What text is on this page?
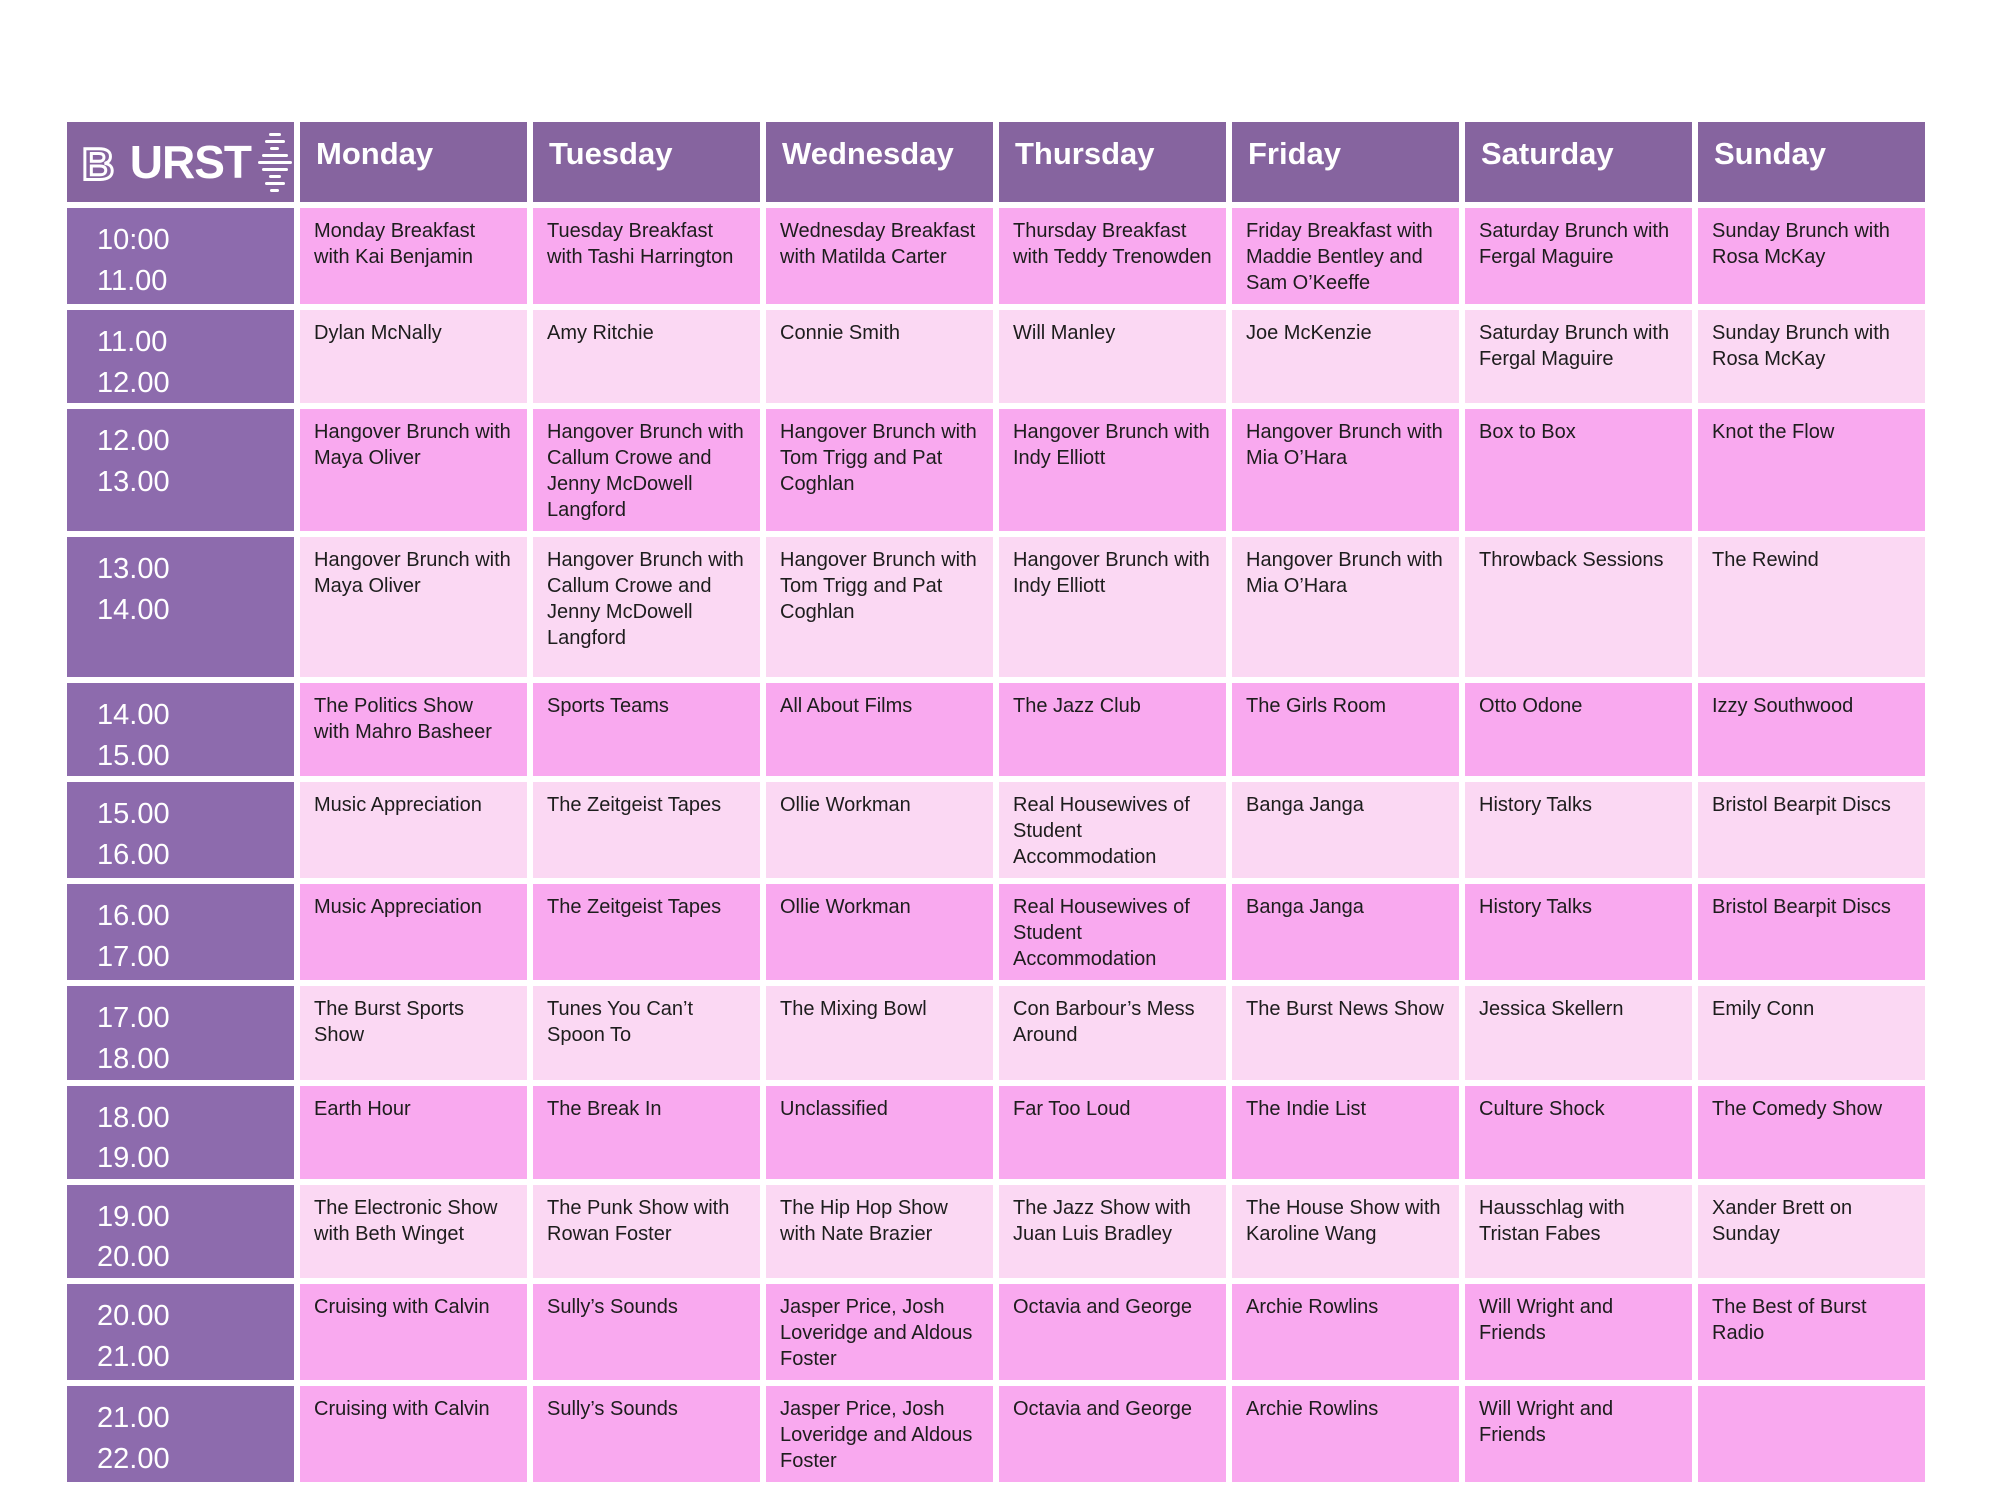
B URST	Monday	Tuesday	Wednesday	Thursday	Friday	Saturday	Sunday

10:00
11.00	Monday Breakfast with Kai Benjamin	Tuesday Breakfast with Tashi Harrington	Wednesday Breakfast with Matilda Carter	Thursday Breakfast with Teddy Trenowden	Friday Breakfast with Maddie Bentley and Sam O’Keeffe	Saturday Brunch with Fergal Maguire	Sunday Brunch with Rosa McKay

11.00
12.00	Dylan McNally	Amy Ritchie	Connie Smith	Will Manley	Joe McKenzie	Saturday Brunch with Fergal Maguire	Sunday Brunch with Rosa McKay

12.00
13.00	Hangover Brunch with Maya Oliver	Hangover Brunch with Callum Crowe and Jenny McDowell Langford	Hangover Brunch with Tom Trigg and Pat Coghlan	Hangover Brunch with Indy Elliott	Hangover Brunch with Mia O’Hara	Box to Box	Knot the Flow

13.00
14.00	Hangover Brunch with Maya Oliver	Hangover Brunch with Callum Crowe and Jenny McDowell Langford	Hangover Brunch with Tom Trigg and Pat Coghlan	Hangover Brunch with Indy Elliott	Hangover Brunch with Mia O’Hara	Throwback Sessions	The Rewind

14.00
15.00	The Politics Show with Mahro Basheer	Sports Teams	All About Films	The Jazz Club	The Girls Room	Otto Odone	Izzy Southwood

15.00
16.00	Music Appreciation	The Zeitgeist Tapes	Ollie Workman	Real Housewives of Student Accommodation	Banga Janga	History Talks	Bristol Bearpit Discs

16.00
17.00	Music Appreciation	The Zeitgeist Tapes	Ollie Workman	Real Housewives of Student Accommodation	Banga Janga	History Talks	Bristol Bearpit Discs

17.00
18.00	The Burst Sports Show	Tunes You Can’t Spoon To	The Mixing Bowl	Con Barbour’s Mess Around	The Burst News Show	Jessica Skellern	Emily Conn

18.00
19.00	Earth Hour	The Break In	Unclassified	Far Too Loud	The Indie List	Culture Shock	The Comedy Show

19.00
20.00	The Electronic Show with Beth Winget	The Punk Show with Rowan Foster	The Hip Hop Show with Nate Brazier	The Jazz Show with Juan Luis Bradley	The House Show with Karoline Wang	Hausschlag with Tristan Fabes	Xander Brett on Sunday

20.00
21.00	Cruising with Calvin	Sully’s Sounds	Jasper Price, Josh Loveridge and Aldous Foster	Octavia and George	Archie Rowlins	Will Wright and Friends	The Best of Burst Radio

21.00
22.00	Cruising with Calvin	Sully’s Sounds	Jasper Price, Josh Loveridge and Aldous Foster	Octavia and George	Archie Rowlins	Will Wright and Friends	
